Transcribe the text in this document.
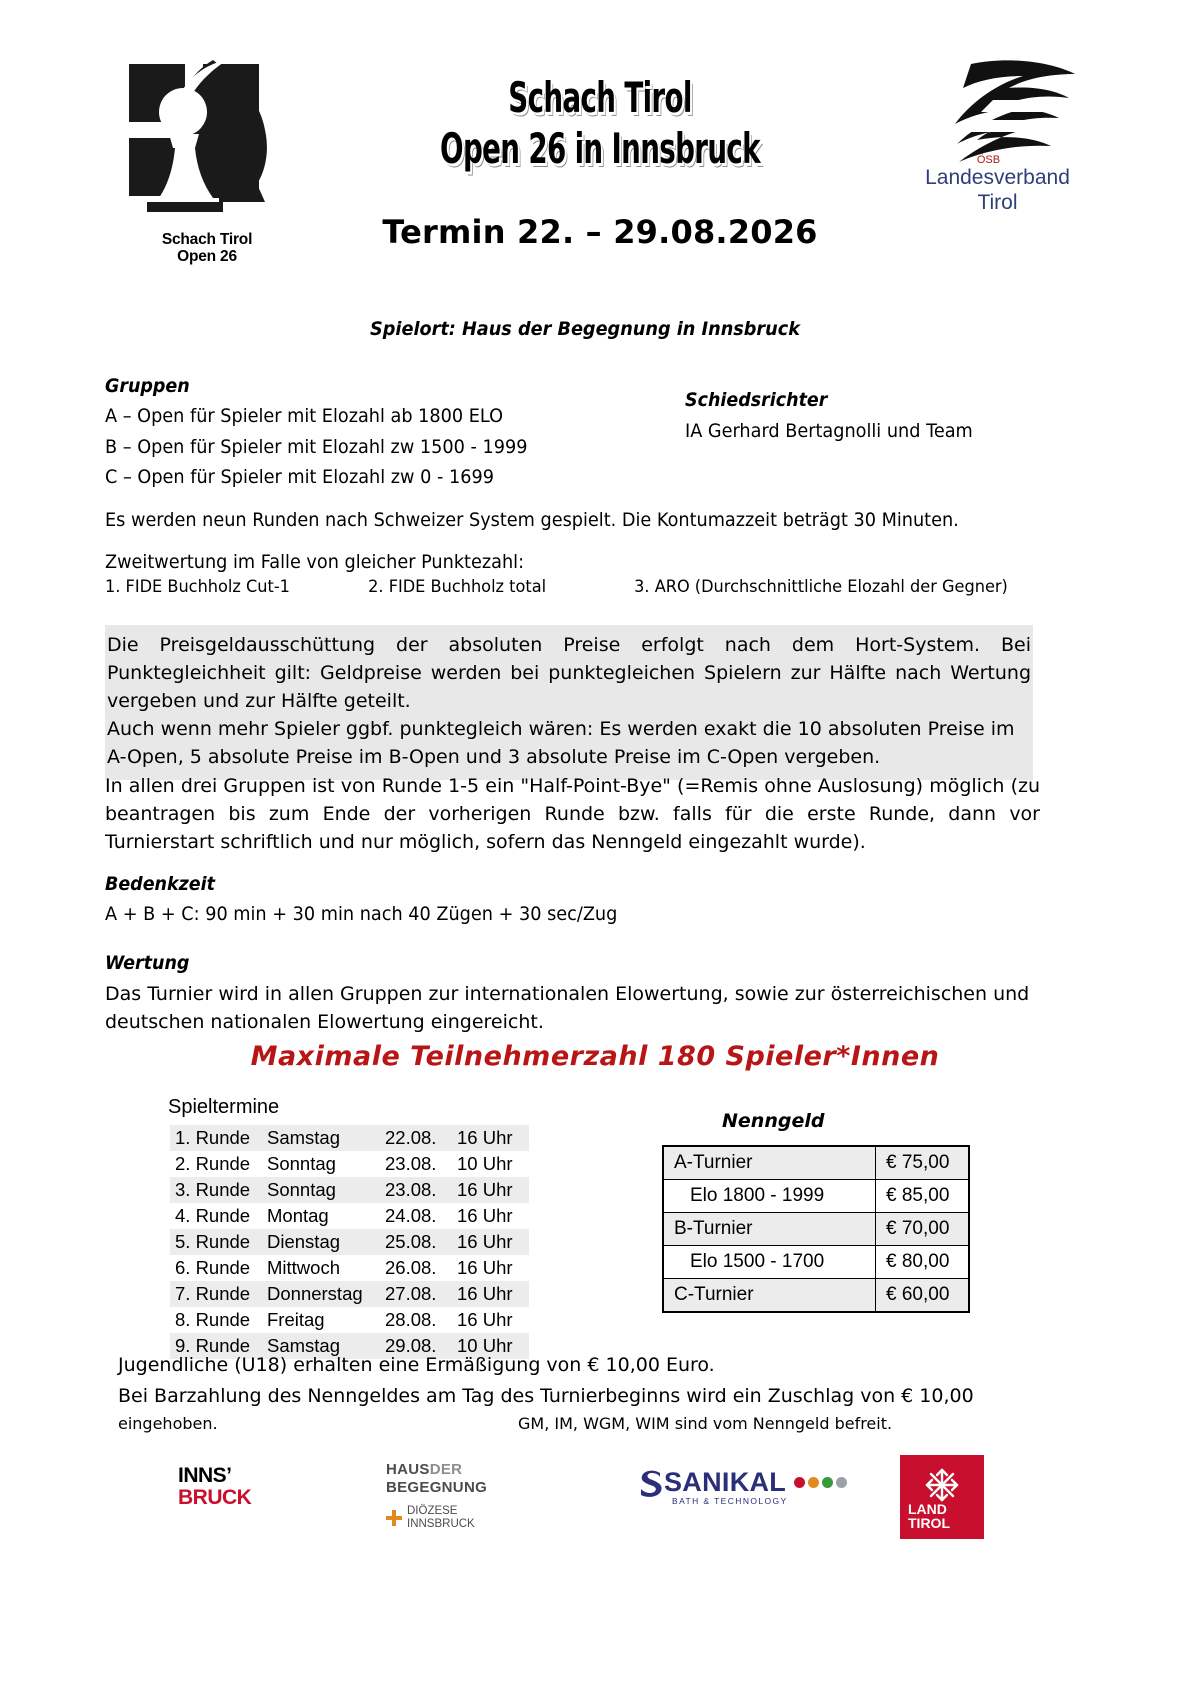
Schach Tirol
Open 26
Schach Tirol
Open 26 in Innsbruck
Termin 22. – 29.08.2026
ÖSB
Landesverband
Tirol
Spielort: Haus der Begegnung in Innsbruck
Gruppen
A – Open für Spieler mit Elozahl ab 1800 ELO
B – Open für Spieler mit Elozahl zw 1500 - 1999
C – Open für Spieler mit Elozahl zw 0 - 1699
Schiedsrichter
IA Gerhard Bertagnolli und Team
Es werden neun Runden nach Schweizer System gespielt. Die Kontumazzeit beträgt 30 Minuten.
Zweitwertung im Falle von gleicher Punktezahl:
1. FIDE Buchholz Cut-1	2. FIDE Buchholz total	3. ARO (Durchschnittliche Elozahl der Gegner)

Die Preisgeldausschüttung der absoluten Preise erfolgt nach dem Hort-System. Bei Punktegleichheit gilt: Geldpreise werden bei punktegleichen Spielern zur Hälfte nach Wertung vergeben und zur Hälfte geteilt.

Auch wenn mehr Spieler ggbf. punktegleich wären: Es werden exakt die 10 absoluten Preise im A-Open, 5 absolute Preise im B-Open und 3 absolute Preise im C-Open vergeben.

In allen drei Gruppen ist von Runde 1-5 ein "Half-Point-Bye" (=Remis ohne Auslosung) möglich (zu beantragen bis zum Ende der vorherigen Runde bzw. falls für die erste Runde, dann vor Turnierstart schriftlich und nur möglich, sofern das Nenngeld eingezahlt wurde).

Bedenkzeit
A + B + C: 90 min + 30 min nach 40 Zügen + 30 sec/Zug
Wertung

Das Turnier wird in allen Gruppen zur internationalen Elowertung, sowie zur österreichischen und deutschen nationalen Elowertung eingereicht.

Maximale Teilnehmerzahl 180 Spieler*Innen
Spieltermine
1. Runde	Samstag	22.08.	16 Uhr
2. Runde	Sonntag	23.08.	10 Uhr
3. Runde	Sonntag	23.08.	16 Uhr
4. Runde	Montag	24.08.	16 Uhr
5. Runde	Dienstag	25.08.	16 Uhr
6. Runde	Mittwoch	26.08.	16 Uhr
7. Runde	Donnerstag	27.08.	16 Uhr
8. Runde	Freitag	28.08.	16 Uhr
9. Runde	Samstag	29.08.	10 Uhr
Nenngeld
A-Turnier	€ 75,00
Elo 1800 - 1999	€ 85,00
B-Turnier	€ 70,00
Elo 1500 - 1700	€ 80,00
C-Turnier	€ 60,00

Jugendliche (U18) erhalten eine Ermäßigung von € 10,00 Euro.

Bei Barzahlung des Nenngeldes am Tag des Turnierbeginns wird ein Zuschlag von € 10,00

eingehoben.	GM, IM, WGM, WIM sind vom Nenngeld befreit.
INNS’
BRUCK
HAUSDER
BEGEGNUNG
DIÖZESE
INNSBRUCK
SANIKAL
BATH & TECHNOLOGY	LAND
TIROL
